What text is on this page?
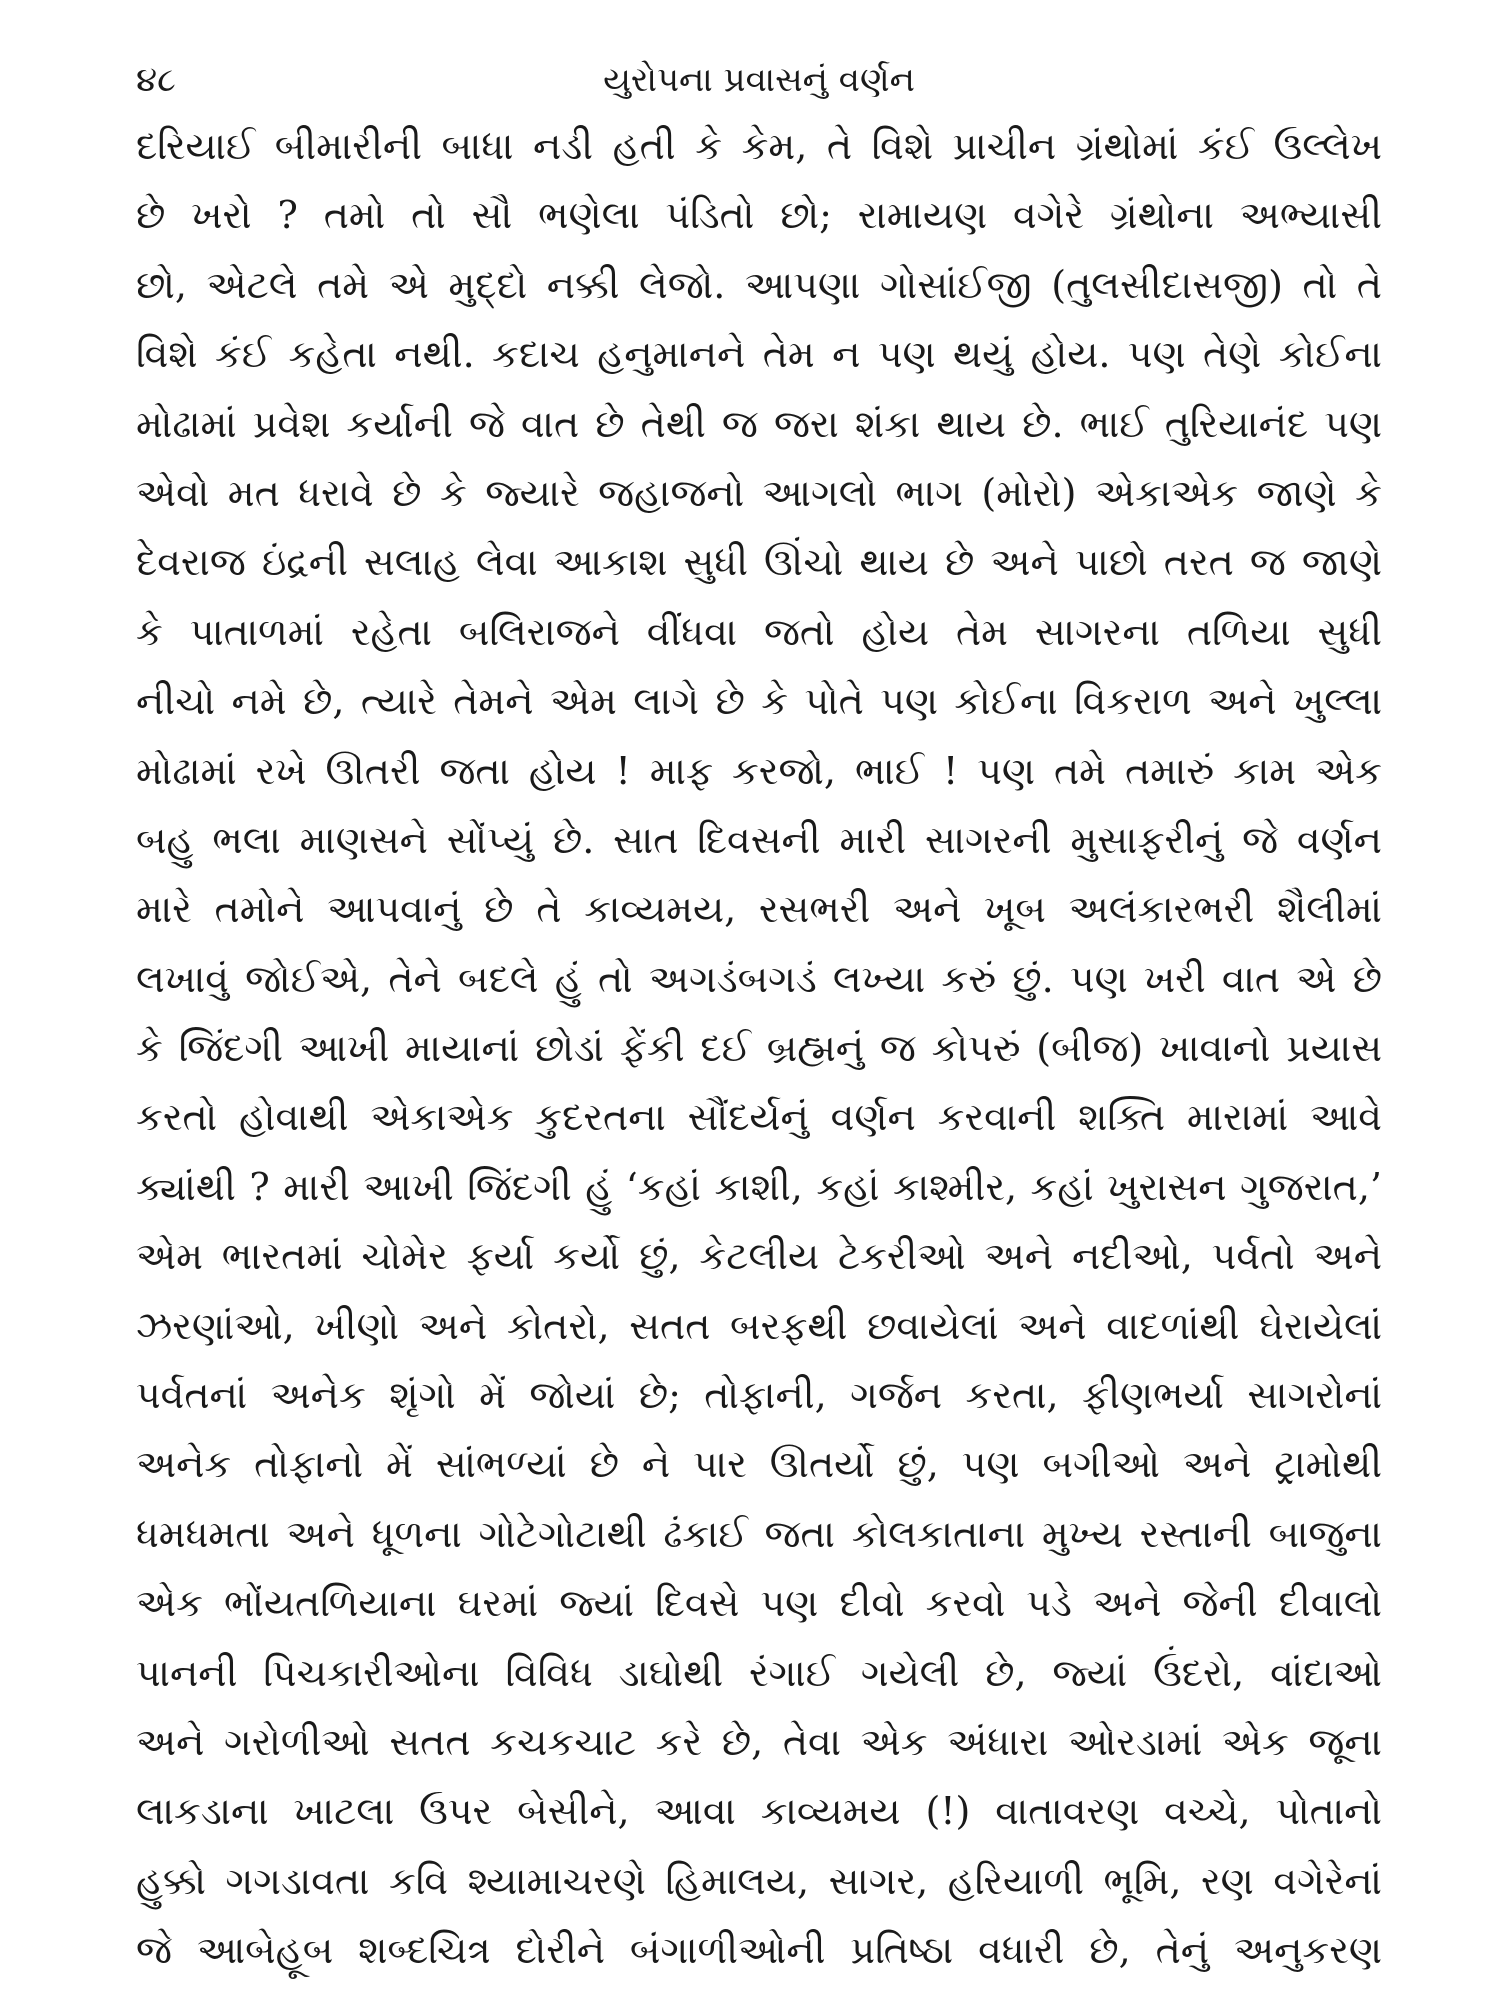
૪૮	યુરોપના પ્રવાસનું વર્ણન
દરિયાઈ બીમારીની બાધા નડી હતી કે કેમ, તે વિશે પ્રાચીન ગ્રંથોમાં કંઈ ઉલ્લેખ
છે ખરો ? તમો તો સૌ ભણેલા પંડિતો છો; રામાયણ વગેરે ગ્રંથોના અભ્યાસી
છો, એટલે તમે એ મુદ્દો નક્કી લેજો. આપણા ગોસાંઈજી (તુલસીદાસજી) તો તે
વિશે કંઈ કહેતા નથી. કદાચ હનુમાનને તેમ ન પણ થયું હોય. પણ તેણે કોઈના
મોઢામાં પ્રવેશ કર્યાની જે વાત છે તેથી જ જરા શંકા થાય છે. ભાઈ તુરિયાનંદ પણ
એવો મત ધરાવે છે કે જ્યારે જહાજનો આગલો ભાગ (મોરો) એકાએક જાણે કે
દેવરાજ ઇંદ્રની સલાહ લેવા આકાશ સુધી ઊંચો થાય છે અને પાછો તરત જ જાણે
કે પાતાળમાં રહેતા બલિરાજને વીંધવા જતો હોય તેમ સાગરના તળિયા સુધી
નીચો નમે છે, ત્યારે તેમને એમ લાગે છે કે પોતે પણ કોઈના વિકરાળ અને ખુલ્લા
મોઢામાં રખે ઊતરી જતા હોય ! માફ કરજો, ભાઈ ! પણ તમે તમારું કામ એક
બહુ ભલા માણસને સોંપ્યું છે. સાત દિવસની મારી સાગરની મુસાફરીનું જે વર્ણન
મારે તમોને આપવાનું છે તે કાવ્યમય, રસભરી અને ખૂબ અલંકારભરી શૈલીમાં
લખાવું જોઈએ, તેને બદલે હું તો અગડંબગડં લખ્યા કરું છું. પણ ખરી વાત એ છે
કે જિંદગી આખી માયાનાં છોડાં ફેંકી દઈ બ્રહ્મનું જ કોપરું (બીજ) ખાવાનો પ્રયાસ
કરતો હોવાથી એકાએક કુદરતના સૌંદર્યનું વર્ણન કરવાની શક્તિ મારામાં આવે
ક્યાંથી ? મારી આખી જિંદગી હું ‘કહાં કાશી, કહાં કાશ્મીર, કહાં ખુરાસન ગુજરાત,’
એમ ભારતમાં ચોમેર ફર્યા કર્યો છું, કેટલીય ટેકરીઓ અને નદીઓ, પર્વતો અને
ઝરણાંઓ, ખીણો અને કોતરો, સતત બરફથી છવાયેલાં અને વાદળાંથી ઘેરાયેલાં
પર્વતનાં અનેક શૃંગો મેં જોયાં છે; તોફાની, ગર્જન કરતા, ફીણભર્યા સાગરોનાં
અનેક તોફાનો મેં સાંભળ્યાં છે ને પાર ઊતર્યો છું, પણ બગીઓ અને ટ્રામોથી
ધમધમતા અને ધૂળના ગોટેગોટાથી ઢંકાઈ જતા કોલકાતાના મુખ્ય રસ્તાની બાજુના
એક ભોંયતળિયાના ઘરમાં જ્યાં દિવસે પણ દીવો કરવો પડે અને જેની દીવાલો
પાનની પિચકારીઓના વિવિધ ડાઘોથી રંગાઈ ગયેલી છે, જ્યાં ઉંદરો, વાંદાઓ
અને ગરોળીઓ સતત કચકચાટ કરે છે, તેવા એક અંધારા ઓરડામાં એક જૂના
લાકડાના ખાટલા ઉપર બેસીને, આવા કાવ્યમય (!) વાતાવરણ વચ્ચે, પોતાનો
હુક્કો ગગડાવતા કવિ શ્યામાચરણે હિમાલય, સાગર, હરિયાળી ભૂમિ, રણ વગેરેનાં
જે આબેહૂબ શબ્દચિત્ર દોરીને બંગાળીઓની પ્રતિષ્ઠા વધારી છે, તેનું અનુકરણ
